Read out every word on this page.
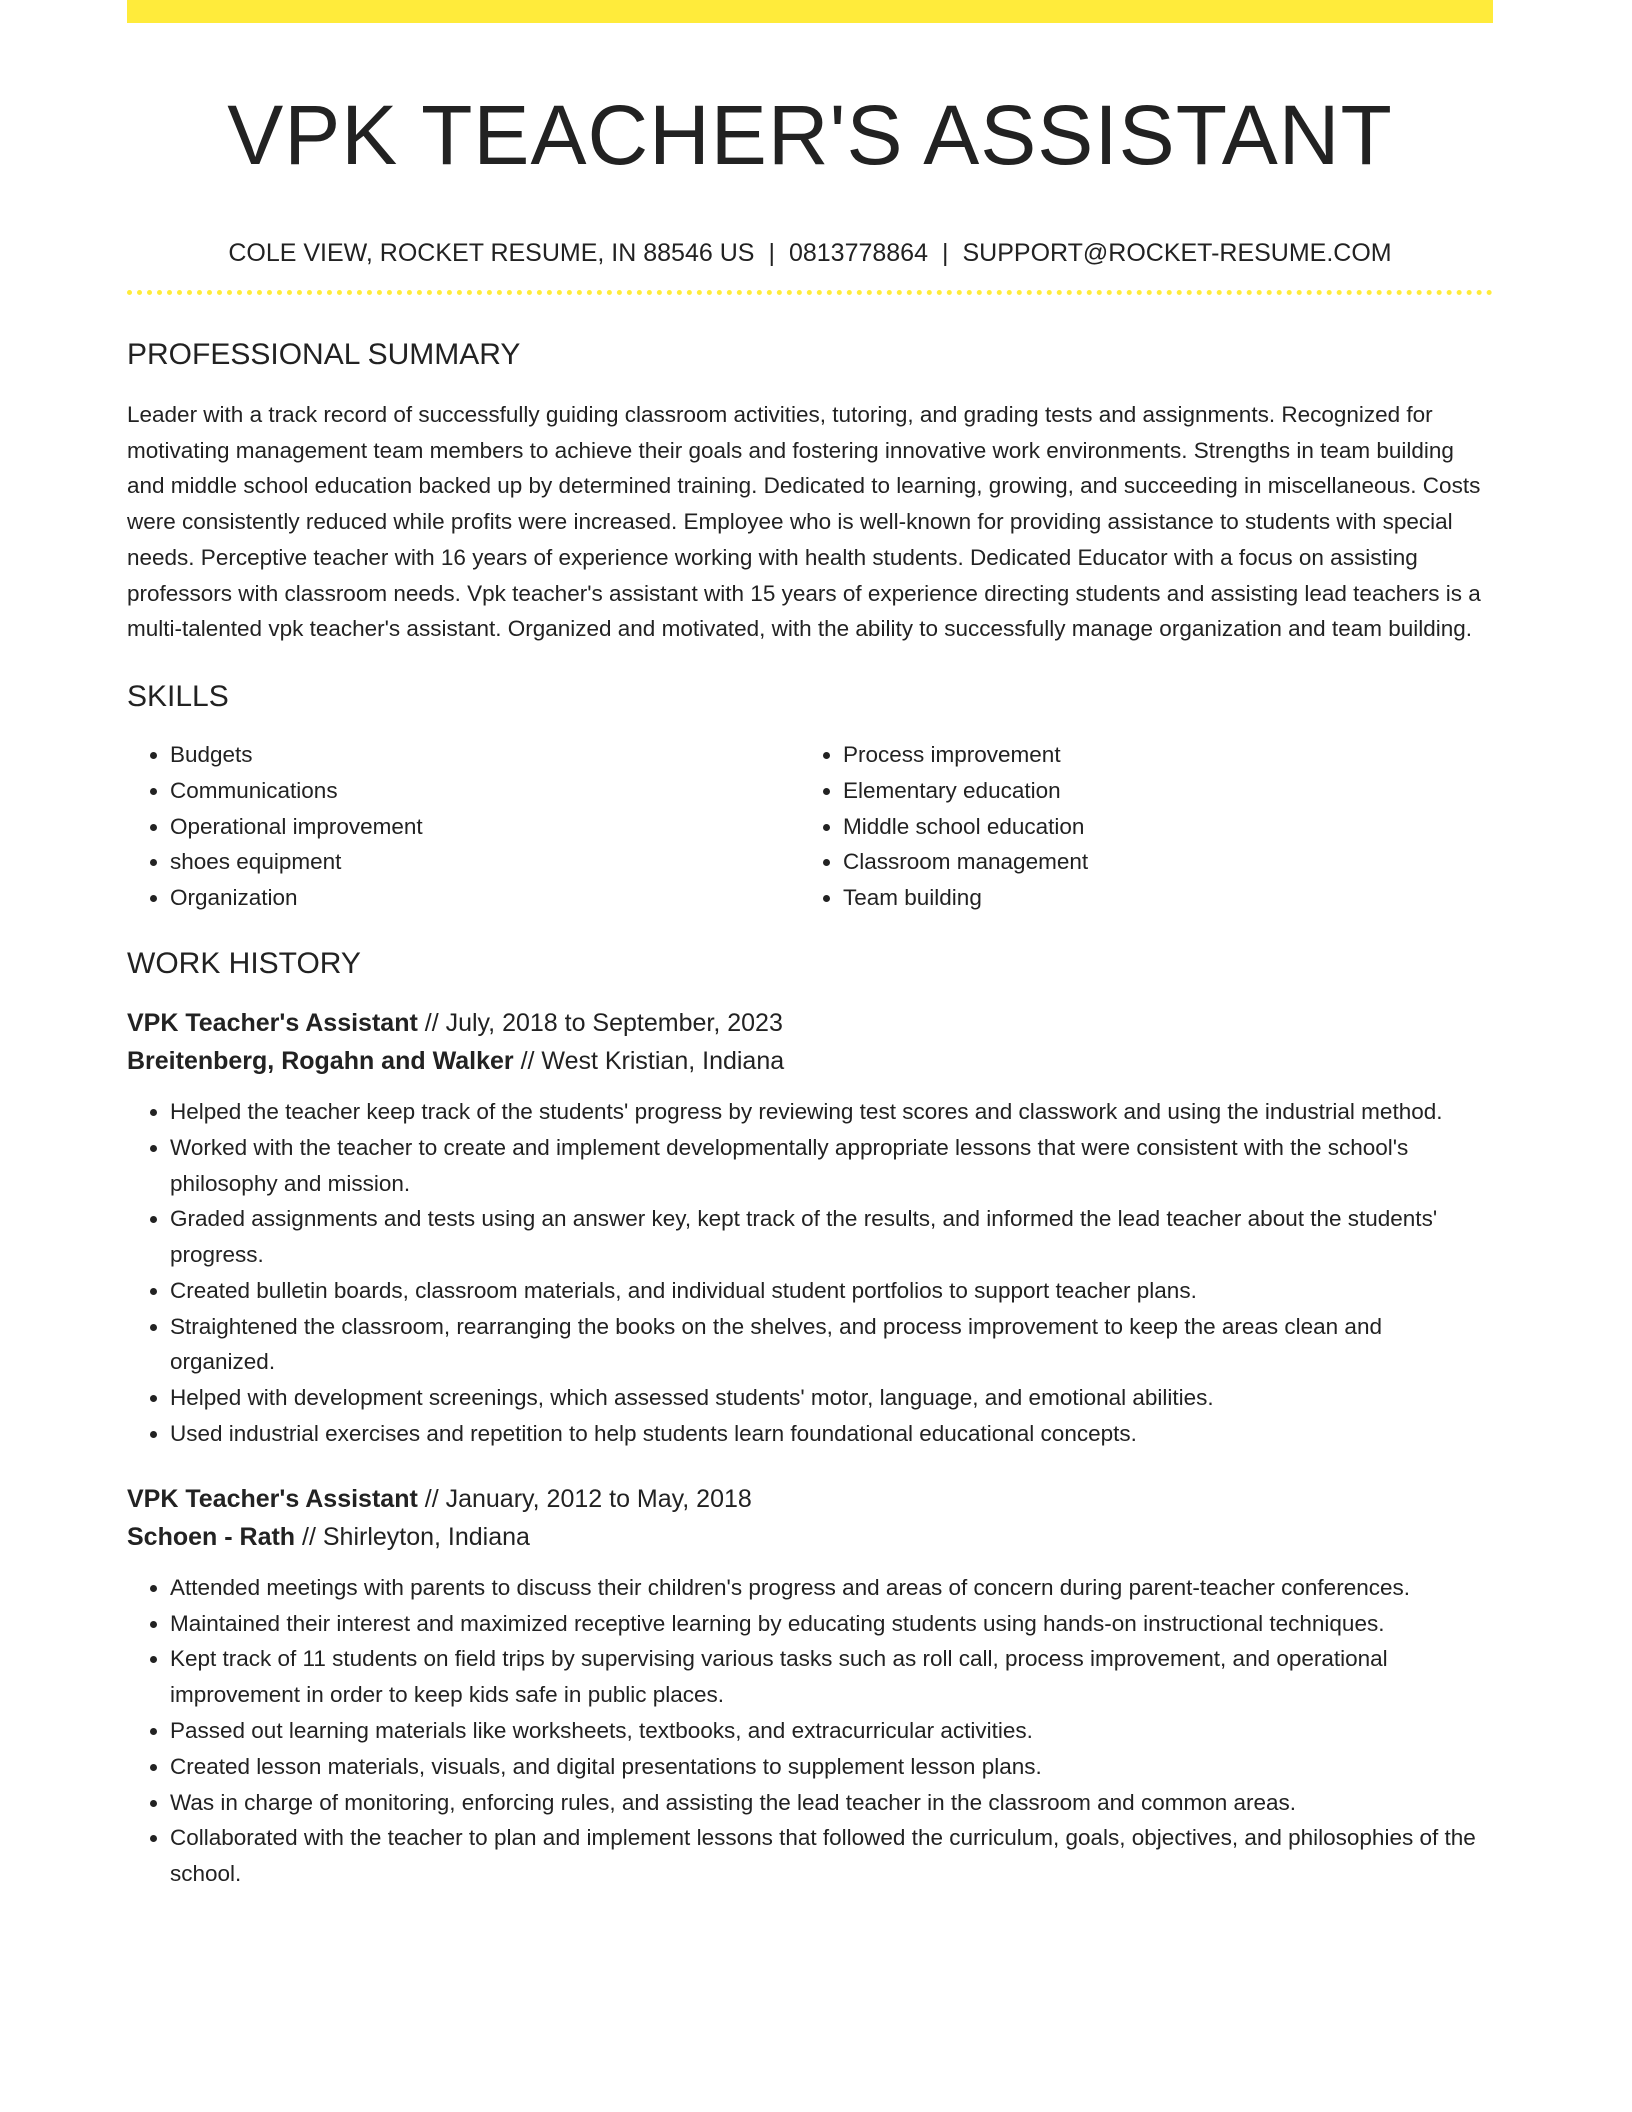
VPK TEACHER'S ASSISTANT
COLE VIEW, ROCKET RESUME, IN 88546 US | 0813778864 | SUPPORT@ROCKET-RESUME.COM
PROFESSIONAL SUMMARY
Leader with a track record of successfully guiding classroom activities, tutoring, and grading tests and assignments. Recognized for motivating management team members to achieve their goals and fostering innovative work environments. Strengths in team building and middle school education backed up by determined training. Dedicated to learning, growing, and succeeding in miscellaneous. Costs were consistently reduced while profits were increased. Employee who is well-known for providing assistance to students with special needs. Perceptive teacher with 16 years of experience working with health students. Dedicated Educator with a focus on assisting professors with classroom needs. Vpk teacher's assistant with 15 years of experience directing students and assisting lead teachers is a multi-talented vpk teacher's assistant. Organized and motivated, with the ability to successfully manage organization and team building.
SKILLS
• Budgets
• Communications
• Operational improvement
• shoes equipment
• Organization
• Process improvement
• Elementary education
• Middle school education
• Classroom management
• Team building
WORK HISTORY
VPK Teacher's Assistant // July, 2018 to September, 2023
Breitenberg, Rogahn and Walker // West Kristian, Indiana
• Helped the teacher keep track of the students' progress by reviewing test scores and classwork and using the industrial method.
• Worked with the teacher to create and implement developmentally appropriate lessons that were consistent with the school's philosophy and mission.
• Graded assignments and tests using an answer key, kept track of the results, and informed the lead teacher about the students' progress.
• Created bulletin boards, classroom materials, and individual student portfolios to support teacher plans.
• Straightened the classroom, rearranging the books on the shelves, and process improvement to keep the areas clean and organized.
• Helped with development screenings, which assessed students' motor, language, and emotional abilities.
• Used industrial exercises and repetition to help students learn foundational educational concepts.
VPK Teacher's Assistant // January, 2012 to May, 2018
Schoen - Rath // Shirleyton, Indiana
• Attended meetings with parents to discuss their children's progress and areas of concern during parent-teacher conferences.
• Maintained their interest and maximized receptive learning by educating students using hands-on instructional techniques.
• Kept track of 11 students on field trips by supervising various tasks such as roll call, process improvement, and operational improvement in order to keep kids safe in public places.
• Passed out learning materials like worksheets, textbooks, and extracurricular activities.
• Created lesson materials, visuals, and digital presentations to supplement lesson plans.
• Was in charge of monitoring, enforcing rules, and assisting the lead teacher in the classroom and common areas.
• Collaborated with the teacher to plan and implement lessons that followed the curriculum, goals, objectives, and philosophies of the school.
